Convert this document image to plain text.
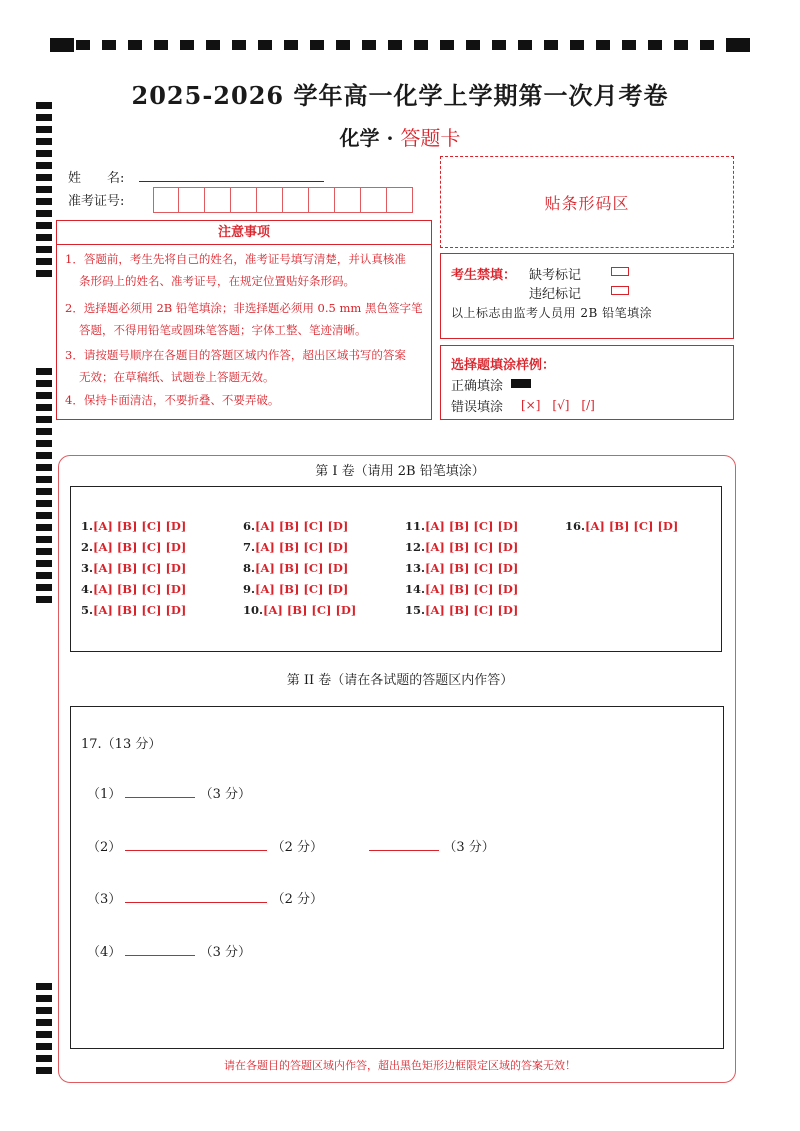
2025-2026 学年高一化学上学期第一次月考卷
化学 · 答题卡
姓　　名:
准考证号:	贴条形码区
注意事项
1．答题前，考生先将自己的姓名，准考证号填写清楚，并认真核准
条形码上的姓名、准考证号，在规定位置贴好条形码。
2．选择题必须用 2B 铅笔填涂；非选择题必须用 0.5 mm 黑色签字笔
答题，不得用铅笔或圆珠笔答题；字体工整、笔迹清晰。
3．请按题号顺序在各题目的答题区域内作答，超出区域书写的答案
无效；在草稿纸、试题卷上答题无效。
4．保持卡面清洁，不要折叠、不要弄破。
考生禁填： 缺考标记
违纪标记
以上标志由监考人员用 2B 铅笔填涂
选择题填涂样例：
正确填涂
错误填涂 [×]　[√]　[/]
第 I 卷（请用 2B 铅笔填涂）
1.[A] [B] [C] [D]
2.[A] [B] [C] [D]
3.[A] [B] [C] [D]
4.[A] [B] [C] [D]
5.[A] [B] [C] [D]
6.[A] [B] [C] [D]
7.[A] [B] [C] [D]
8.[A] [B] [C] [D]
9.[A] [B] [C] [D]
10.[A] [B] [C] [D]
11.[A] [B] [C] [D]
12.[A] [B] [C] [D]
13.[A] [B] [C] [D]
14.[A] [B] [C] [D]
15.[A] [B] [C] [D]
16.[A] [B] [C] [D]
第 II 卷（请在各试题的答题区内作答）
17.（13 分）
（1）	（3 分）
（2）	（2 分）	（3 分）
（3）	（2 分）
（4）	（3 分）
请在各题目的答题区域内作答，超出黑色矩形边框限定区域的答案无效！
